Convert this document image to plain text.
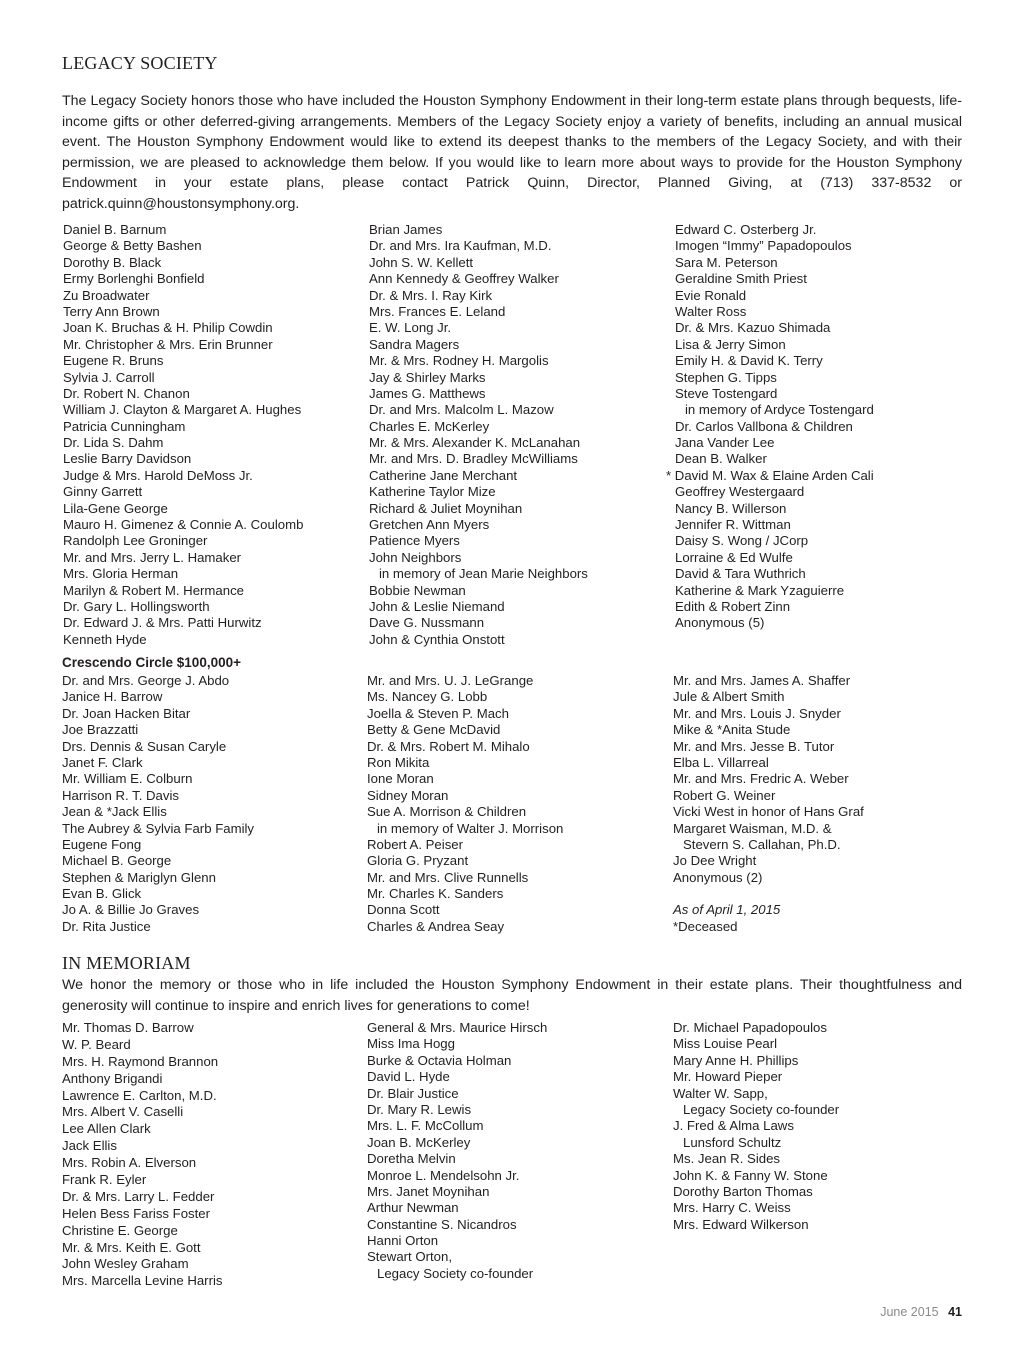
LEGACY SOCIETY

The Legacy Society honors those who have included the Houston Symphony Endowment in their long-term estate plans through bequests, life-income gifts or other deferred-giving arrangements. Members of the Legacy Society enjoy a variety of benefits, including an annual musical event. The Houston Symphony Endowment would like to extend its deepest thanks to the members of the Legacy Society, and with their permission, we are pleased to acknowledge them below. If you would like to learn more about ways to provide for the Houston Symphony Endowment in your estate plans, please contact Patrick Quinn, Director, Planned Giving, at (713) 337-8532 or patrick.quinn@houstonsymphony.org.

Daniel B. Barnum
George & Betty Bashen
Dorothy B. Black
Ermy Borlenghi Bonfield
Zu Broadwater
Terry Ann Brown
Joan K. Bruchas & H. Philip Cowdin
Mr. Christopher & Mrs. Erin Brunner
Eugene R. Bruns
Sylvia J. Carroll
Dr. Robert N. Chanon
William J. Clayton & Margaret A. Hughes
Patricia Cunningham
Dr. Lida S. Dahm
Leslie Barry Davidson
Judge & Mrs. Harold DeMoss Jr.
Ginny Garrett
Lila-Gene George
Mauro H. Gimenez & Connie A. Coulomb
Randolph Lee Groninger
Mr. and Mrs. Jerry L. Hamaker
Mrs. Gloria Herman
Marilyn & Robert M. Hermance
Dr. Gary L. Hollingsworth
Dr. Edward J. & Mrs. Patti Hurwitz
Kenneth Hyde
Brian James
Dr. and Mrs. Ira Kaufman, M.D.
John S. W. Kellett
Ann Kennedy & Geoffrey Walker
Dr. & Mrs. I. Ray Kirk
Mrs. Frances E. Leland
E. W. Long Jr.
Sandra Magers
Mr. & Mrs. Rodney H. Margolis
Jay & Shirley Marks
James G. Matthews
Dr. and Mrs. Malcolm L. Mazow
Charles E. McKerley
Mr. & Mrs. Alexander K. McLanahan
Mr. and Mrs. D. Bradley McWilliams
Catherine Jane Merchant
Katherine Taylor Mize
Richard & Juliet Moynihan
Gretchen Ann Myers
Patience Myers
John Neighbors
in memory of Jean Marie Neighbors
Bobbie Newman
John & Leslie Niemand
Dave G. Nussmann
John & Cynthia Onstott
Edward C. Osterberg Jr.
Imogen “Immy” Papadopoulos
Sara M. Peterson
Geraldine Smith Priest
Evie Ronald
Walter Ross
Dr. & Mrs. Kazuo Shimada
Lisa & Jerry Simon
Emily H. & David K. Terry
Stephen G. Tipps
Steve Tostengard
in memory of Ardyce Tostengard
Dr. Carlos Vallbona & Children
Jana Vander Lee
Dean B. Walker
* David M. Wax & Elaine Arden Cali
Geoffrey Westergaard
Nancy B. Willerson
Jennifer R. Wittman
Daisy S. Wong / JCorp
Lorraine & Ed Wulfe
David & Tara Wuthrich
Katherine & Mark Yzaguierre
Edith & Robert Zinn
Anonymous (5)
Crescendo Circle $100,000+
Dr. and Mrs. George J. Abdo
Janice H. Barrow
Dr. Joan Hacken Bitar
Joe Brazzatti
Drs. Dennis & Susan Caryle
Janet F. Clark
Mr. William E. Colburn
Harrison R. T. Davis
Jean & *Jack Ellis
The Aubrey & Sylvia Farb Family
Eugene Fong
Michael B. George
Stephen & Mariglyn Glenn
Evan B. Glick
Jo A. & Billie Jo Graves
Dr. Rita Justice
Mr. and Mrs. U. J. LeGrange
Ms. Nancey G. Lobb
Joella & Steven P. Mach
Betty & Gene McDavid
Dr. & Mrs. Robert M. Mihalo
Ron Mikita
Ione Moran
Sidney Moran
Sue A. Morrison & Children
in memory of Walter J. Morrison
Robert A. Peiser
Gloria G. Pryzant
Mr. and Mrs. Clive Runnells
Mr. Charles K. Sanders
Donna Scott
Charles & Andrea Seay
Mr. and Mrs. James A. Shaffer
Jule & Albert Smith
Mr. and Mrs. Louis J. Snyder
Mike & *Anita Stude
Mr. and Mrs. Jesse B. Tutor
Elba L. Villarreal
Mr. and Mrs. Fredric A. Weber
Robert G. Weiner
Vicki West in honor of Hans Graf
Margaret Waisman, M.D. &
Stevern S. Callahan, Ph.D.
Jo Dee Wright
Anonymous (2)
As of April 1, 2015
*Deceased
IN MEMORIAM

We honor the memory or those who in life included the Houston Symphony Endowment in their estate plans. Their thoughtfulness and generosity will continue to inspire and enrich lives for generations to come!

Mr. Thomas D. Barrow
W. P. Beard
Mrs. H. Raymond Brannon
Anthony Brigandi
Lawrence E. Carlton, M.D.
Mrs. Albert V. Caselli
Lee Allen Clark
Jack Ellis
Mrs. Robin A. Elverson
Frank R. Eyler
Dr. & Mrs. Larry L. Fedder
Helen Bess Fariss Foster
Christine E. George
Mr. & Mrs. Keith E. Gott
John Wesley Graham
Mrs. Marcella Levine Harris
General & Mrs. Maurice Hirsch
Miss Ima Hogg
Burke & Octavia Holman
David L. Hyde
Dr. Blair Justice
Dr. Mary R. Lewis
Mrs. L. F. McCollum
Joan B. McKerley
Doretha Melvin
Monroe L. Mendelsohn Jr.
Mrs. Janet Moynihan
Arthur Newman
Constantine S. Nicandros
Hanni Orton
Stewart Orton,
Legacy Society co-founder
Dr. Michael Papadopoulos
Miss Louise Pearl
Mary Anne H. Phillips
Mr. Howard Pieper
Walter W. Sapp,
Legacy Society co-founder
J. Fred & Alma Laws
Lunsford Schultz
Ms. Jean R. Sides
John K. & Fanny W. Stone
Dorothy Barton Thomas
Mrs. Harry C. Weiss
Mrs. Edward Wilkerson
June 2015 41
